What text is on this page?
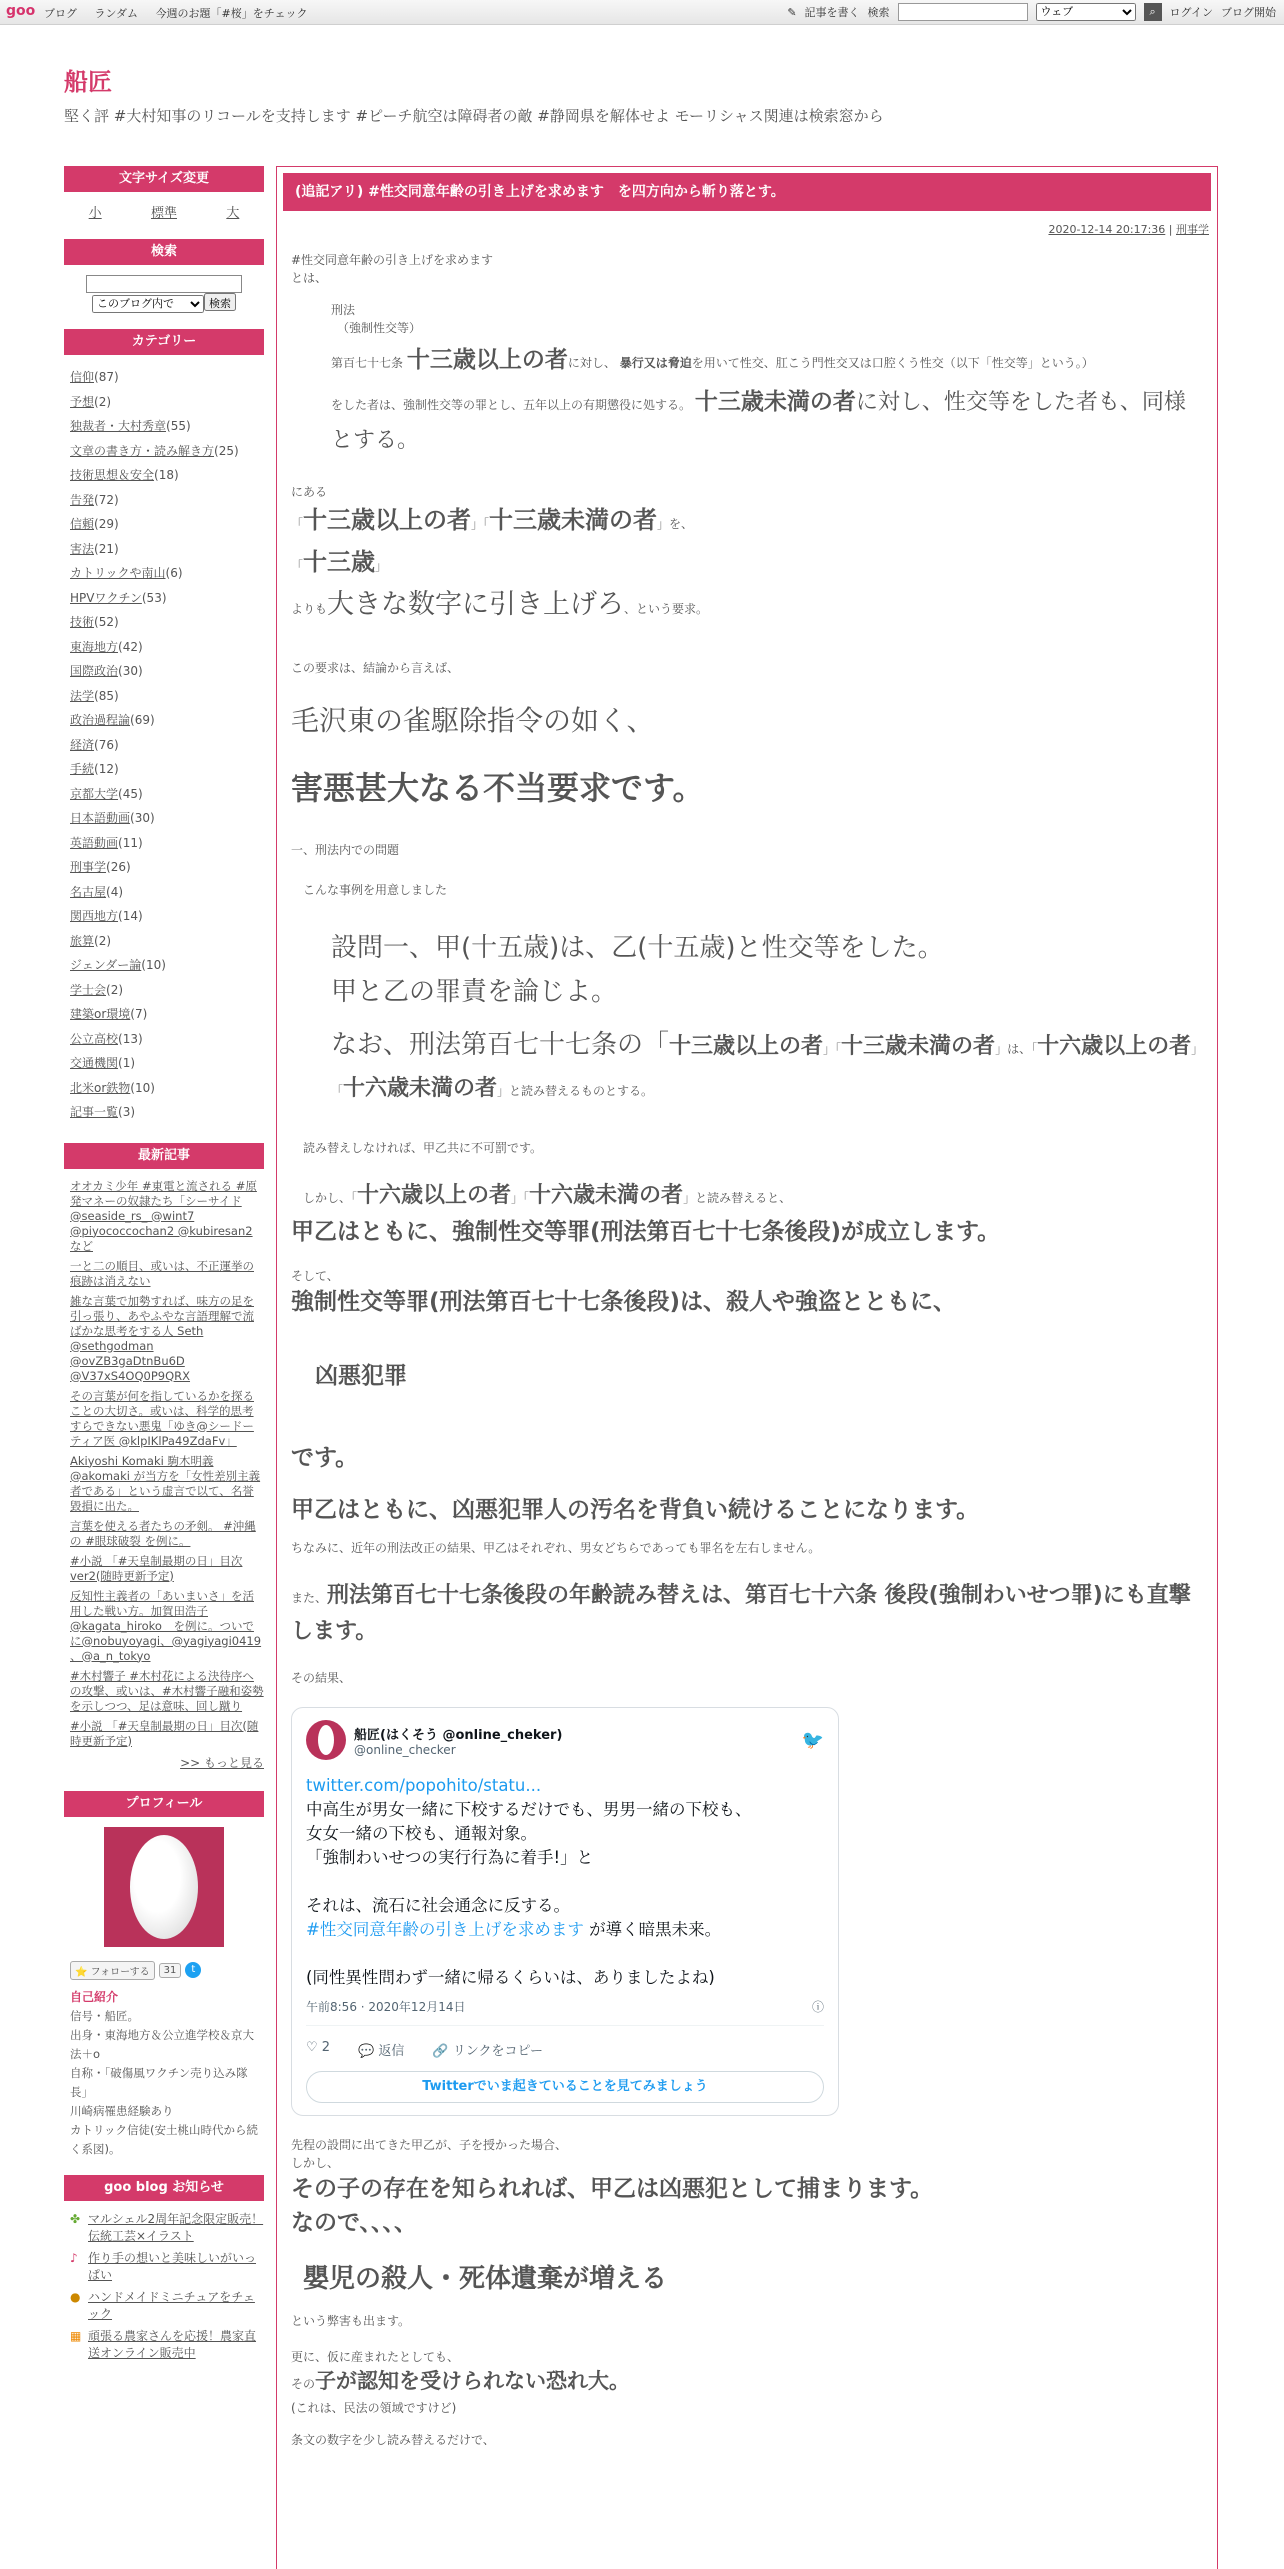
goo ブログ ランダム 今週のお題「#桜」をチェック	✎ 記事を書く 検索
ウェブ	⌕	ログイン ブログ開始
船匠
堅く評 #大村知事のリコールを支持します #ピーチ航空は障碍者の敵 #静岡県を解体せよ モーリシャス関連は検索窓から
文字サイズ変更
小	標準	大
検索

このブログ内で検索
カテゴリー
信仰(87)
予想(2)
独裁者・大村秀章(55)
文章の書き方・読み解き方(25)
技術思想＆安全(18)
告発(72)
信頼(29)
害法(21)
カトリックや南山(6)
HPVワクチン(53)
技術(52)
東海地方(42)
国際政治(30)
法学(85)
政治過程論(69)
経済(76)
手続(12)
京都大学(45)
日本語動画(30)
英語動画(11)
刑事学(26)
名古屋(4)
関西地方(14)
旅算(2)
ジェンダー論(10)
学士会(2)
建築or環境(7)
公立高校(13)
交通機関(1)
北米or鉄物(10)
記事一覧(3)
最新記事
オオカミ少年 #東電と流される #原発マネーの奴隷たち「シーサイド @seaside_rs_ @wint7 @piyococcochan2 @kubiresan2 など
一と二の順目、或いは、不正運挙の痕跡は消えない
雑な言葉で加勢すれば、味方の足を引っ張り、あやふやな言語理解で流ばかな思考をする人 Seth @sethgodman @ovZB3gaDtnBu6D @V37xS4OQ0P9QRX
その言葉が何を指しているかを探ることの大切さ。或いは、科学的思考すらできない悪鬼「ゆき@シードーティア医 @klpIKlPa49ZdaFv」
Akiyoshi Komaki 駒木明義 @akomaki が当方を「女性差別主義者である」という虚言で以て、名誉毀損に出た。
言葉を使える者たちの矛剣。 #沖縄 の #眼球破裂 を例に。
#小説 「#天皇制最期の日」目次 ver2(随時更新予定)
反知性主義者の「あいまいさ」を活用した戦い方。加賀田浩子 @kagata_hiroko　を例に。ついでに@nobuyoyagi、@yagiyagi0419 、@a_n_tokyo
#木村響子 #木村花による決待序への攻撃、或いは、#木村響子融和姿勢を示しつつ、足は意味、回し蹴り
#小説 「#天皇制最期の日」目次(随時更新予定)
>> もっと見る
プロフィール
⭐ フォローする	31	t
自己紹介
信号・船匠。
出身・東海地方＆公立進学校＆京大法＋ο
自称・「破傷風ワクチン売り込み隊長」
川崎病罹患経験あり
カトリック信徒(安土桃山時代から続く系図)。
goo blog お知らせ
✤ マルシェル2周年記念限定販売！伝統工芸×イラスト
♪ 作り手の想いと美味しいがいっぱい
● ハンドメイドミニチュアをチェック
▦ 頑張る農家さんを応援！農家直送オンライン販売中
(追記アリ) #性交同意年齢の引き上げを求めます　を四方向から斬り落とす。
2020-12-14 20:17:36 | 刑事学
#性交同意年齢の引き上げを求めます
とは、
刑法
（強制性交等）
第百七十七条 十三歳以上の者に対し、 暴行又は脅迫を用いて性交、肛こう門性交又は口腔くう性交（以下「性交等」という。）
をした者は、強制性交等の罪とし、五年以上の有期懲役に処する。 十三歳未満の者に対し、性交等をした者も、同様とする。
にある
「十三歳以上の者」「十三歳未満の者」を、
「十三歳」
よりも大きな数字に引き上げろ、という要求。
この要求は、結論から言えば、
毛沢東の雀駆除指令の如く、
害悪甚大なる不当要求です。
一、刑法内での問題
こんな事例を用意しました
設問一、甲(十五歳)は、乙(十五歳)と性交等をした。
甲と乙の罪責を論じよ。
なお、刑法第百七十七条の「十三歳以上の者」「十三歳未満の者」は、「十六歳以上の者」「十六歳未満の者」と読み替えるものとする。
読み替えしなければ、甲乙共に不可罰です。
しかし、「十六歳以上の者」「十六歳未満の者」と読み替えると、
甲乙はともに、強制性交等罪(刑法第百七十七条後段)が成立します。
そして、
強制性交等罪(刑法第百七十七条後段)は、殺人や強盗とともに、
凶悪犯罪
です。
甲乙はともに、凶悪犯罪人の汚名を背負い続けることになります。
ちなみに、近年の刑法改正の結果、甲乙はそれぞれ、男女どちらであっても罪名を左右しません。
また、刑法第百七十七条後段の年齢読み替えは、第百七十六条 後段(強制わいせつ罪)にも直撃します。
その結果、
船匠(はくそう @online_cheker)
@online_checker	🐦
twitter.com/popohito/statu...
中高生が男女一緒に下校するだけでも、男男一緒の下校も、
女女一緒の下校も、通報対象。
「強制わいせつの実行行為に着手!」と
それは、流石に社会通念に反する。
#性交同意年齢の引き上げを求めます が導く暗黒未来。
(同性異性問わず一緒に帰るくらいは、ありましたよね)
午前8:56 · 2020年12月14日	ⓘ
♡ 2 💬 返信 🔗 リンクをコピー
Twitterでいま起きていることを見てみましょう
先程の設問に出てきた甲乙が、子を授かった場合、
しかし、
その子の存在を知られれば、甲乙は凶悪犯として捕まります。
なので、、、、
嬰児の殺人・死体遺棄が増える
という弊害も出ます。
更に、仮に産まれたとしても、
その子が認知を受けられない恐れ大。
(これは、民法の領域ですけど)
条文の数字を少し読み替えるだけで、
